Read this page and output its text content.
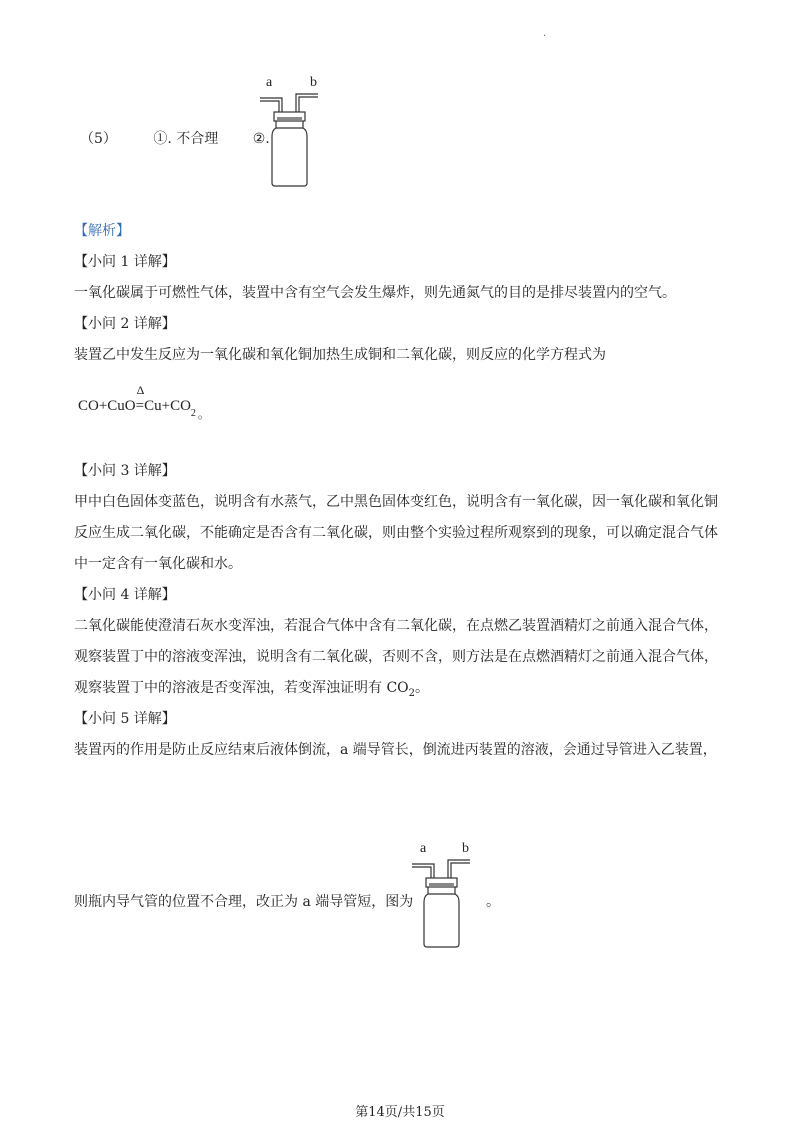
.
（5）	①. 不合理 ②.
a	b
【解析】
【小问 1 详解】
一氧化碳属于可燃性气体，装置中含有空气会发生爆炸，则先通氮气的目的是排尽装置内的空气。
【小问 2 详解】
装置乙中发生反应为一氧化碳和氧化铜加热生成铜和二氧化碳，则反应的化学方程式为
CO+CuO
Δ
$=Cu+CO_2$ $_。$
【小问 3 详解】
甲中白色固体变蓝色，说明含有水蒸气，乙中黑色固体变红色，说明含有一氧化碳，因一氧化碳和氧化铜
反应生成二氧化碳，不能确定是否含有二氧化碳，则由整个实验过程所观察到的现象，可以确定混合气体
中一定含有一氧化碳和水。
【小问 4 详解】
二氧化碳能使澄清石灰水变浑浊，若混合气体中含有二氧化碳，在点燃乙装置酒精灯之前通入混合气体，
观察装置丁中的溶液变浑浊，说明含有二氧化碳，否则不含，则方法是在点燃酒精灯之前通入混合气体，
观察装置丁中的溶液是否变浑浊，若变浑浊证明有 $CO_2$。
【小问 5 详解】
装置丙的作用是防止反应结束后液体倒流，a 端导管长，倒流进丙装置的溶液，会通过导管进入乙装置，
则瓶内导气管的位置不合理，改正为 a 端导管短，图为
a	b
。
第14页/共15页
